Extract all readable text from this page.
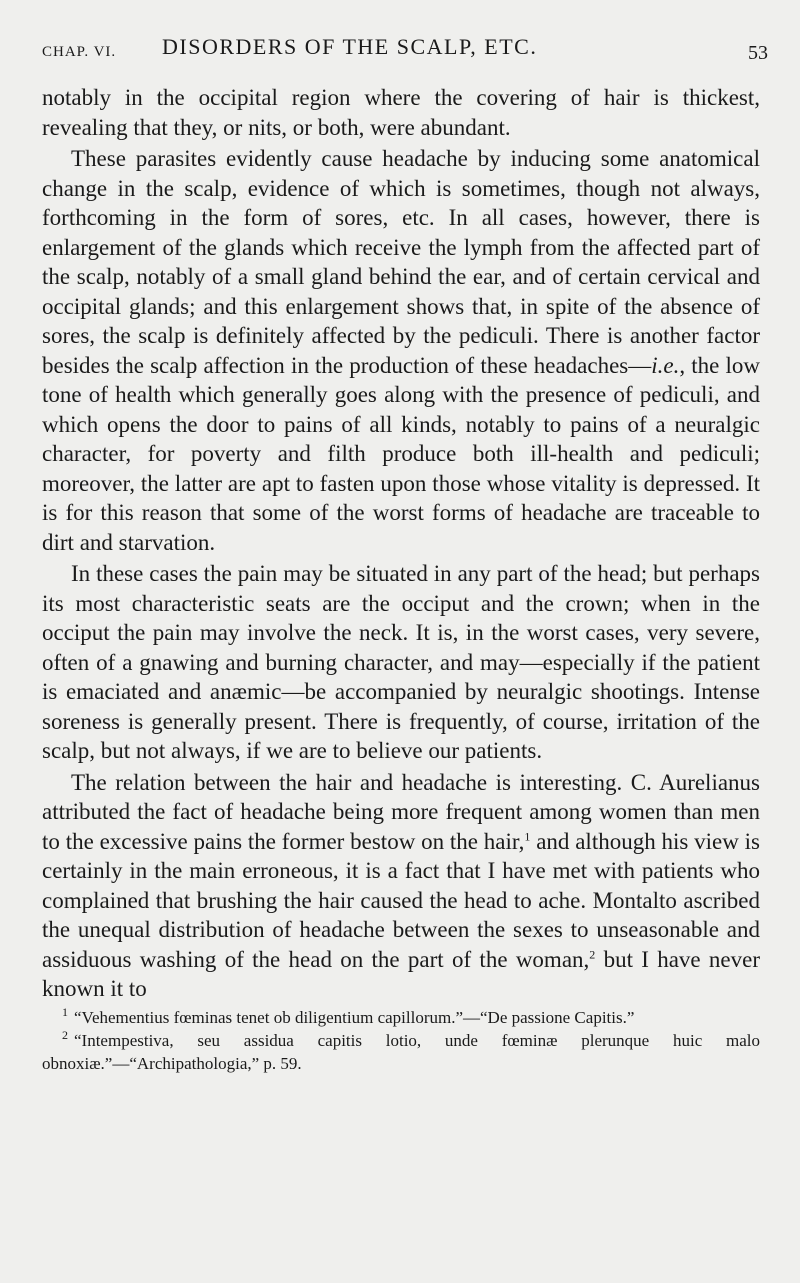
CHAP. VI. DISORDERS OF THE SCALP, ETC.	53

notably in the occipital region where the covering of hair is thickest, revealing that they, or nits, or both, were abundant.

These parasites evidently cause headache by inducing some anatomical change in the scalp, evidence of which is sometimes, though not always, forthcoming in the form of sores, etc. In all cases, however, there is enlargement of the glands which receive the lymph from the affected part of the scalp, notably of a small gland behind the ear, and of certain cervical and occipital glands; and this enlargement shows that, in spite of the absence of sores, the scalp is definitely affected by the pediculi. There is another factor besides the scalp affection in the production of these headaches—i.e., the low tone of health which generally goes along with the presence of pediculi, and which opens the door to pains of all kinds, notably to pains of a neuralgic character, for poverty and filth produce both ill-health and pediculi; moreover, the latter are apt to fasten upon those whose vitality is depressed. It is for this reason that some of the worst forms of headache are traceable to dirt and starvation.

In these cases the pain may be situated in any part of the head; but perhaps its most characteristic seats are the occiput and the crown; when in the occiput the pain may involve the neck. It is, in the worst cases, very severe, often of a gnawing and burning character, and may—especially if the patient is emaciated and anæmic—be accompanied by neuralgic shootings. Intense soreness is generally present. There is frequently, of course, irritation of the scalp, but not always, if we are to believe our patients.

The relation between the hair and headache is interesting. C. Aurelianus attributed the fact of headache being more frequent among women than men to the excessive pains the former bestow on the hair,$^1$ and although his view is certainly in the main erroneous, it is a fact that I have met with patients who complained that brushing the hair caused the head to ache. Montalto ascribed the unequal distribution of headache between the sexes to unseasonable and assiduous washing of the head on the part of the woman,$^2$ but I have never known it to

$^1$ “Vehementius fœminas tenet ob diligentium capillorum.”—“De passione Capitis.”

$^2$ “Intempestiva, seu assidua capitis lotio, unde fœminæ plerunque huic malo obnoxiæ.”—“Archipathologia,” p. 59.
